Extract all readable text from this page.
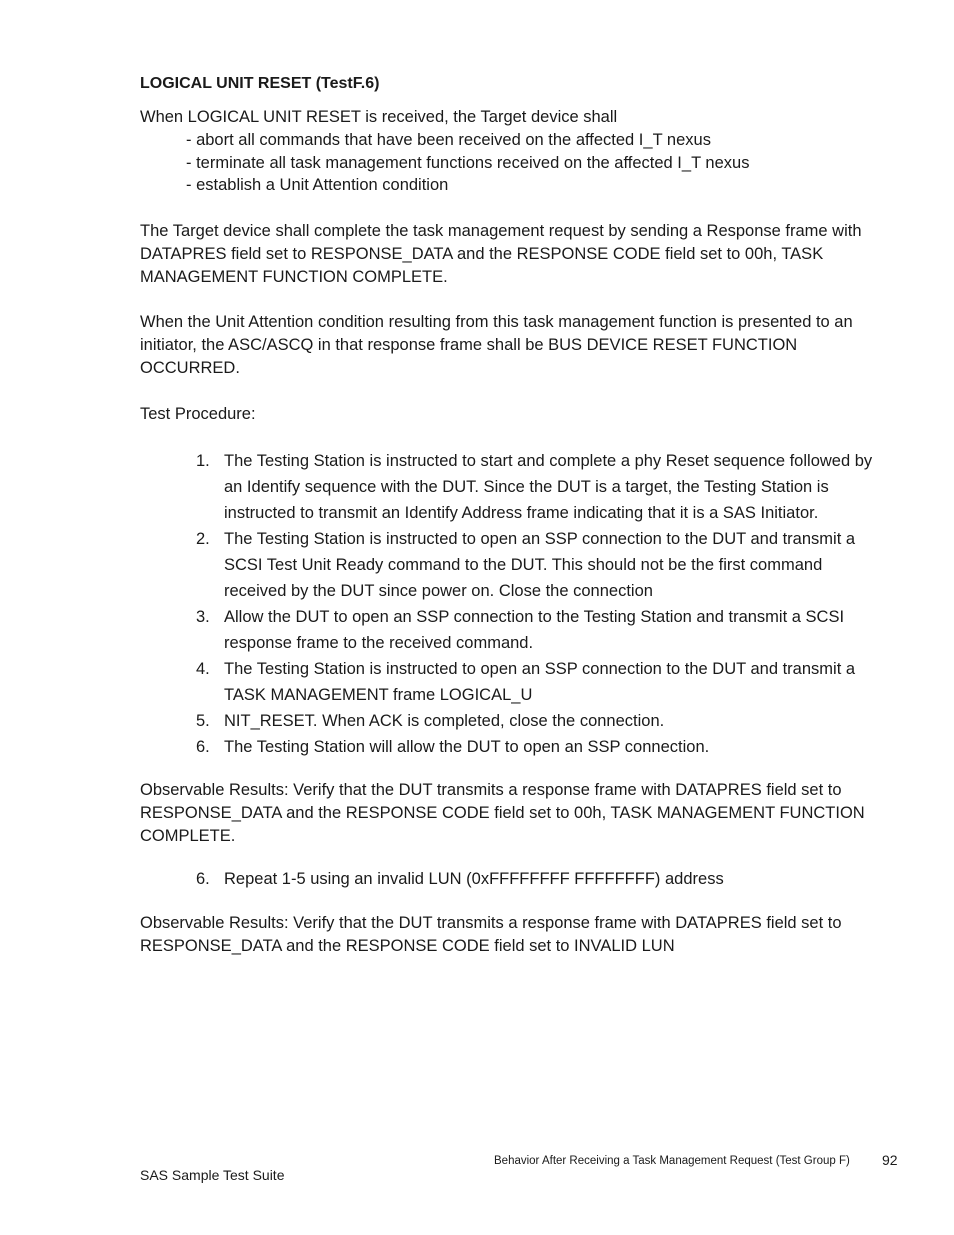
LOGICAL UNIT RESET (TestF.6)

When LOGICAL UNIT RESET is received, the Target device shall

- abort all commands that have been received on the affected I_T nexus
- terminate all task management functions received on the affected I_T nexus
- establish a Unit Attention condition

The Target device shall complete the task management request by sending a Response frame with DATAPRES field set to RESPONSE_DATA and the RESPONSE CODE field set to 00h, TASK MANAGEMENT FUNCTION COMPLETE.

When the Unit Attention condition resulting from this task management function is presented to an initiator, the ASC/ASCQ in that response frame shall be BUS DEVICE RESET FUNCTION OCCURRED.

Test Procedure:

1. The Testing Station is instructed to start and complete a phy Reset sequence followed by an Identify sequence with the DUT. Since the DUT is a target, the Testing Station is instructed to transmit an Identify Address frame indicating that it is a SAS Initiator.
2. The Testing Station is instructed to open an SSP connection to the DUT and transmit a SCSI Test Unit Ready command to the DUT. This should not be the first command received by the DUT since power on. Close the connection
3. Allow the DUT to open an SSP connection to the Testing Station and transmit a SCSI response frame to the received command.
4. The Testing Station is instructed to open an SSP connection to the DUT and transmit a TASK MANAGEMENT frame LOGICAL_U
5. NIT_RESET. When ACK is completed, close the connection.
6. The Testing Station will allow the DUT to open an SSP connection.

Observable Results: Verify that the DUT transmits a response frame with DATAPRES field set to RESPONSE_DATA and the RESPONSE CODE field set to 00h, TASK MANAGEMENT FUNCTION COMPLETE.

6. Repeat 1-5 using an invalid LUN (0xFFFFFFFF FFFFFFFF) address

Observable Results: Verify that the DUT transmits a response frame with DATAPRES field set to RESPONSE_DATA and the RESPONSE CODE field set to INVALID LUN

Behavior After Receiving a Task Management Request (Test Group F) 92
SAS Sample Test Suite
